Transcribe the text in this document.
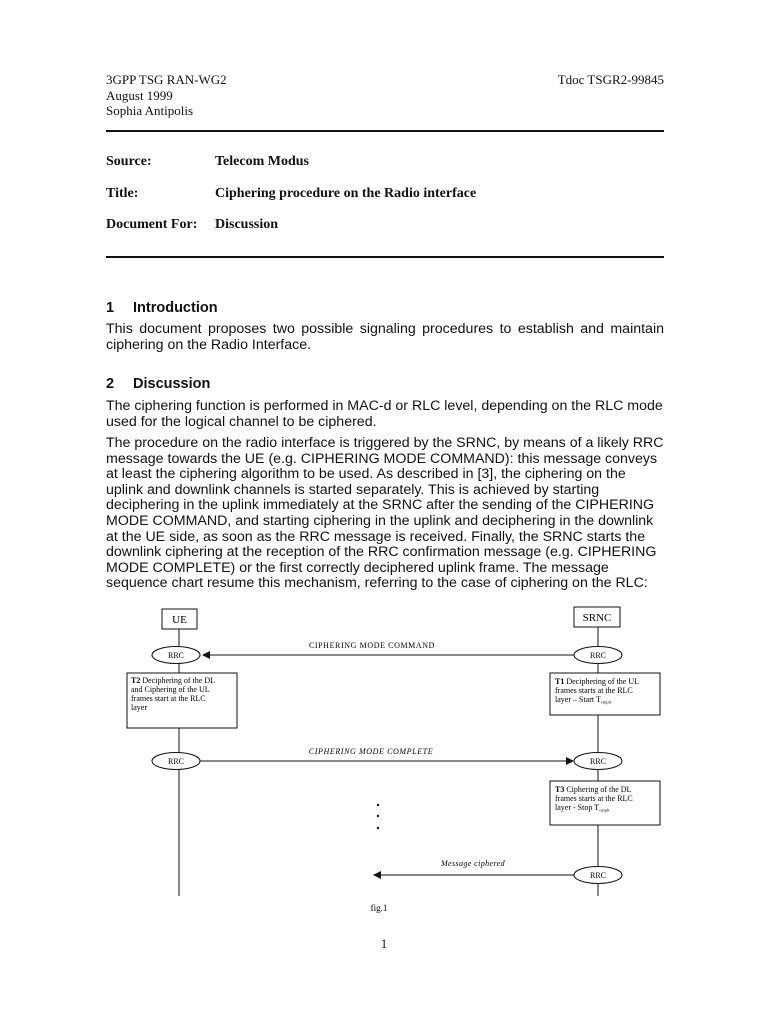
3GPP TSG RAN-WG2
August 1999
Sophia Antipolis
Tdoc TSGR2-99845
Source:	Telecom Modus
Title:	Ciphering procedure on the Radio interface
Document For: Discussion
1 Introduction
This document proposes two possible signaling procedures to establish and maintain ciphering on the Radio Interface.
2 Discussion
The ciphering function is performed in MAC-d or RLC level, depending on the RLC mode used for the logical channel to be ciphered.
The procedure on the radio interface is triggered by the SRNC, by means of a likely RRC message towards the UE (e.g. CIPHERING MODE COMMAND): this message conveys at least the ciphering algorithm to be used. As described in [3], the ciphering on the uplink and downlink channels is started separately. This is achieved by starting deciphering in the uplink immediately at the SRNC after the sending of the CIPHERING MODE COMMAND, and starting ciphering in the uplink and deciphering in the downlink at the UE side, as soon as the RRC message is received. Finally, the SRNC starts the downlink ciphering at the reception of the RRC confirmation message (e.g. CIPHERING MODE COMPLETE) or the first correctly deciphered uplink frame. The message sequence chart resume this mechanism, referring to the case of ciphering on the RLC:
UE	SRNC
CIPHERING MODE COMMAND
RRC	RRC
T2 Deciphering of the DL
and Ciphering of the UL
frames start at the RLC
layer
T1 Deciphering of the UL
frames starts at the RLC
layer – Start Tcmplt
CIPHERING MODE COMPLETE
RRC	RRC
T3 Ciphering of the DL
frames starts at the RLC
layer - Stop Tcmplt
Message ciphered
RRC
fig.1
1
